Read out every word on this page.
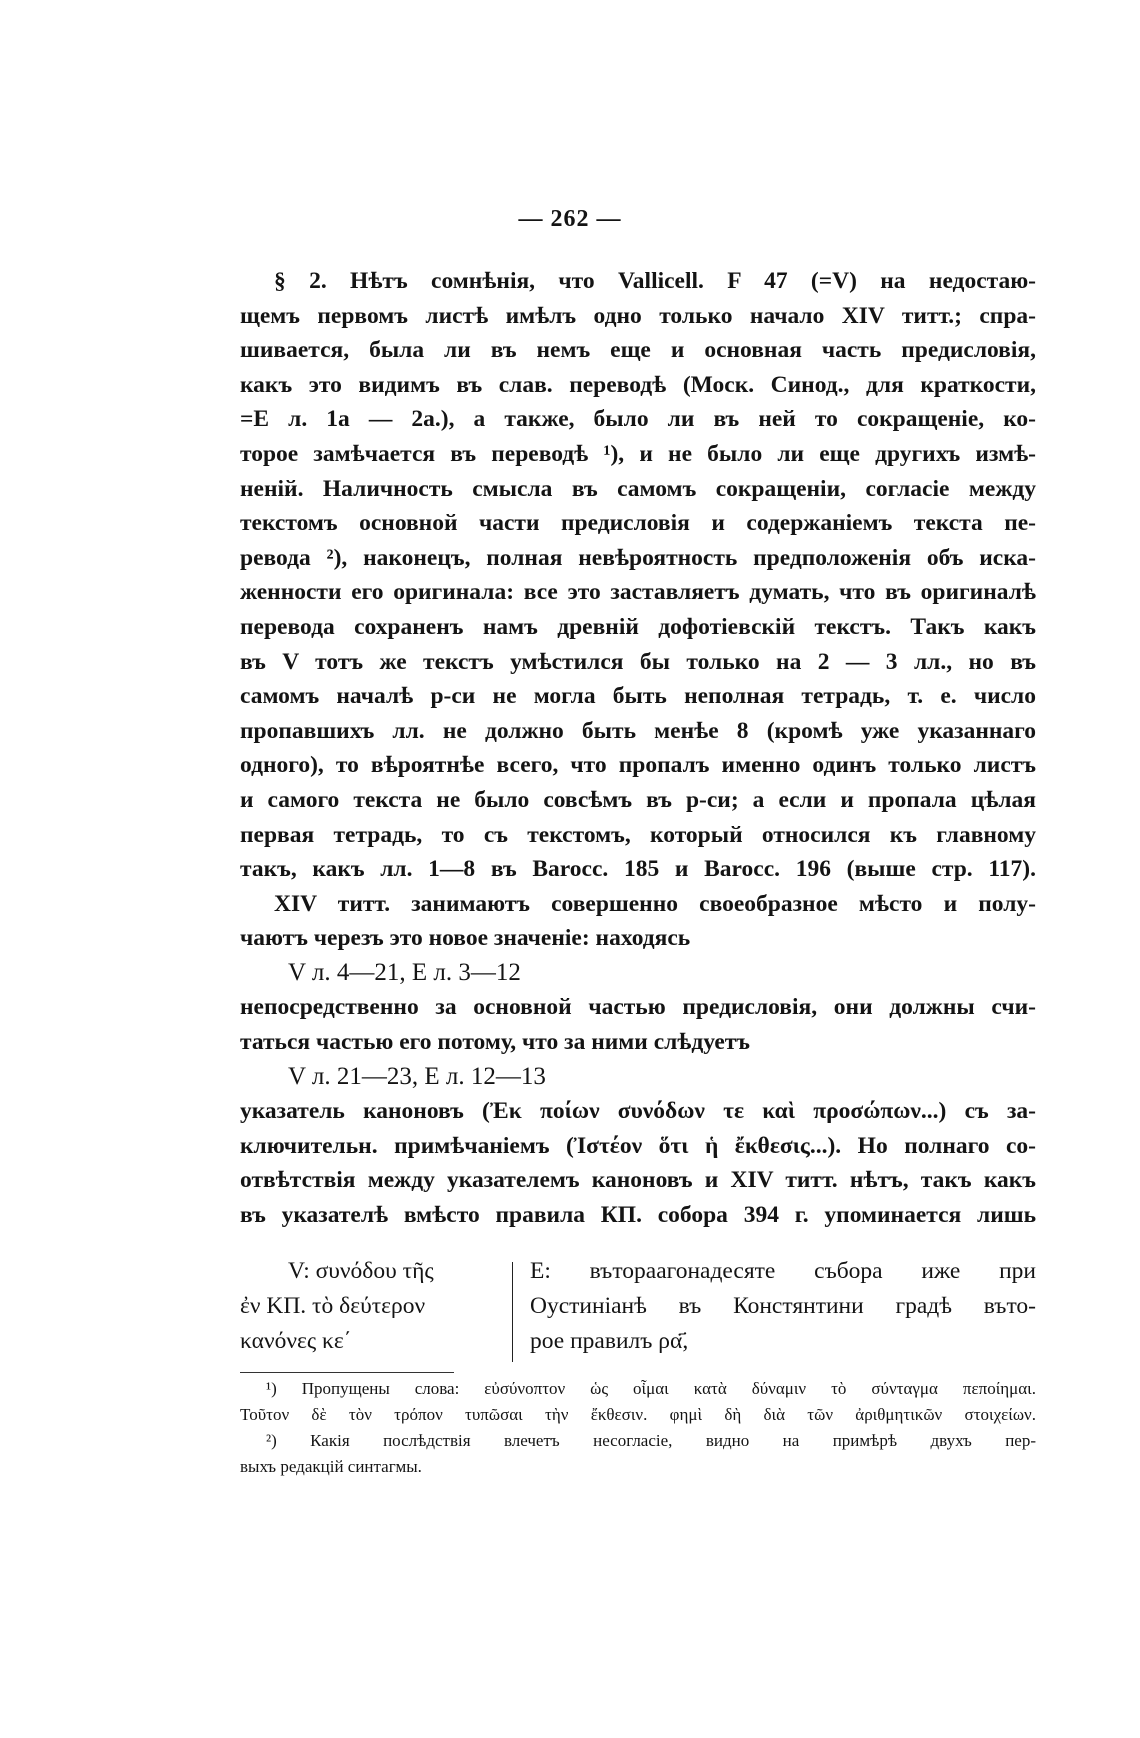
— 262 —
§ 2. Нѣтъ сомнѣнія, что Vallicell. F 47 (=V) на недостаю-
щемъ первомъ листѣ имѣлъ одно только начало XIV титт.; спра-
шивается, была ли въ немъ еще и основная часть предисловія,
какъ это видимъ въ слав. переводѣ (Моск. Синод., для краткости,
=Е л. 1а — 2а.), а также, было ли въ ней то сокращеніе, ко-
торое замѣчается въ переводѣ ¹), и не было ли еще другихъ измѣ-
неній. Наличность смысла въ самомъ сокращеніи, согласіе между
текстомъ основной части предисловія и содержаніемъ текста пе-
ревода ²), наконецъ, полная невѣроятность предположенія объ иска-
женности его оригинала: все это заставляетъ думать, что въ оригиналѣ
перевода сохраненъ намъ древній дофотіевскій текстъ. Такъ какъ
въ V тотъ же текстъ умѣстился бы только на 2 — 3 лл., но въ
самомъ началѣ р-си не могла быть неполная тетрадь, т. е. число
пропавшихъ лл. не должно быть менѣе 8 (кромѣ уже указаннаго
одного), то вѣроятнѣе всего, что пропалъ именно одинъ только листъ
и самого текста не было совсѣмъ въ р-си; а если и пропала цѣлая
первая тетрадь, то съ текстомъ, который относился къ главному
такъ, какъ лл. 1—8 въ Barocc. 185 и Barocc. 196 (выше стр. 117).
XIV титт. занимаютъ совершенно своеобразное мѣсто и полу-
чаютъ черезъ это новое значеніе: находясь
V л. 4—21, Е л. 3—12
непосредственно за основной частью предисловія, они должны счи-
таться частью его потому, что за ними слѣдуетъ
V л. 21—23, Е л. 12—13
указатель каноновъ (Ἐκ ποίων συνόδων τε καὶ προσώπων...) съ за-
ключительн. примѣчаніемъ (Ἰστέον ὅτι ἡ ἔκθεσις...). Но полнаго со-
отвѣтствія между указателемъ каноновъ и XIV титт. нѣтъ, такъ какъ
въ указателѣ вмѣсто правила КП. собора 394 г. упоминается лишь
V: συνόδου τῆς
ἐν ΚΠ. τὸ δεύτερον
κανόνες κε΄
Е: вътораагонадесяте събора иже при
Оустиніанѣ въ Констянтини градѣ въто-
рое правилъ ρα҃,
¹) Пропущены слова: εὐσύνοπτον ὡς οἶμαι κατὰ δύναμιν τὸ σύνταγμα πεποίημαι.
Τοῦτον δὲ τὸν τρόπον τυπῶσαι τὴν ἔκθεσιν. φημὶ δὴ διὰ τῶν ἀριθμητικῶν στοιχείων.
²) Какія послѣдствія влечетъ несогласіе, видно на примѣрѣ двухъ пер-
выхъ редакцій синтагмы.
